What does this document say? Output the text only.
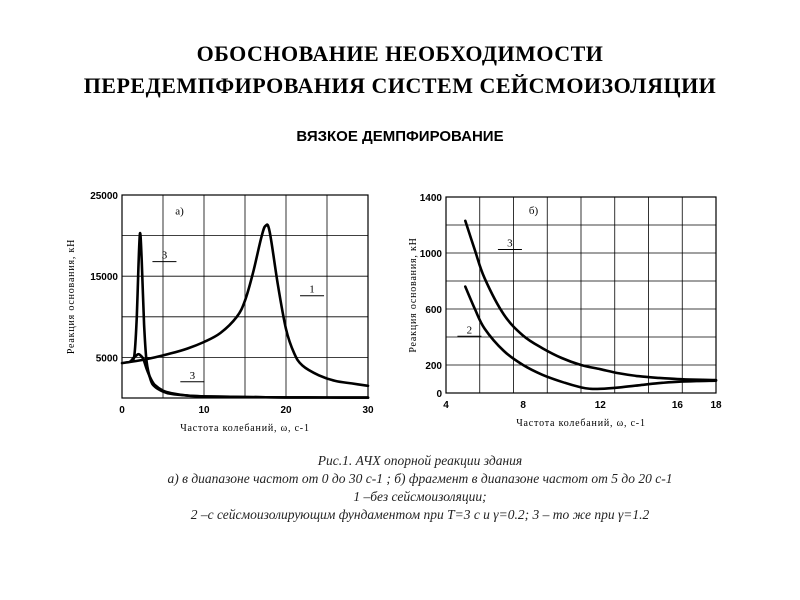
ОБОСНОВАНИЕ НЕОБХОДИМОСТИ
ПЕРЕДЕМПФИРОВАНИЯ СИСТЕМ СЕЙСМОИЗОЛЯЦИИ
ВЯЗКОЕ ДЕМПФИРОВАНИЕ
0	10	20	30
5000
15000
25000
Частота колебаний, ω, с-1
Реакция основания, кН
а)
3
3
1
4	8	12	16	18
0
200
600
1000
1400
Частота колебаний, ω, с-1
Реакция основания, кН
б)
3
2
Рис.1. АЧХ опорной реакции здания
а) в диапазоне частот от 0 до 30 с-1 ; б) фрагмент в диапазоне частот от 5 до 20 с-1
1 –без сейсмоизоляции;
2 –с сейсмоизолирующим фундаментом при T=3 с и γ=0.2; 3 – то же при γ=1.2
